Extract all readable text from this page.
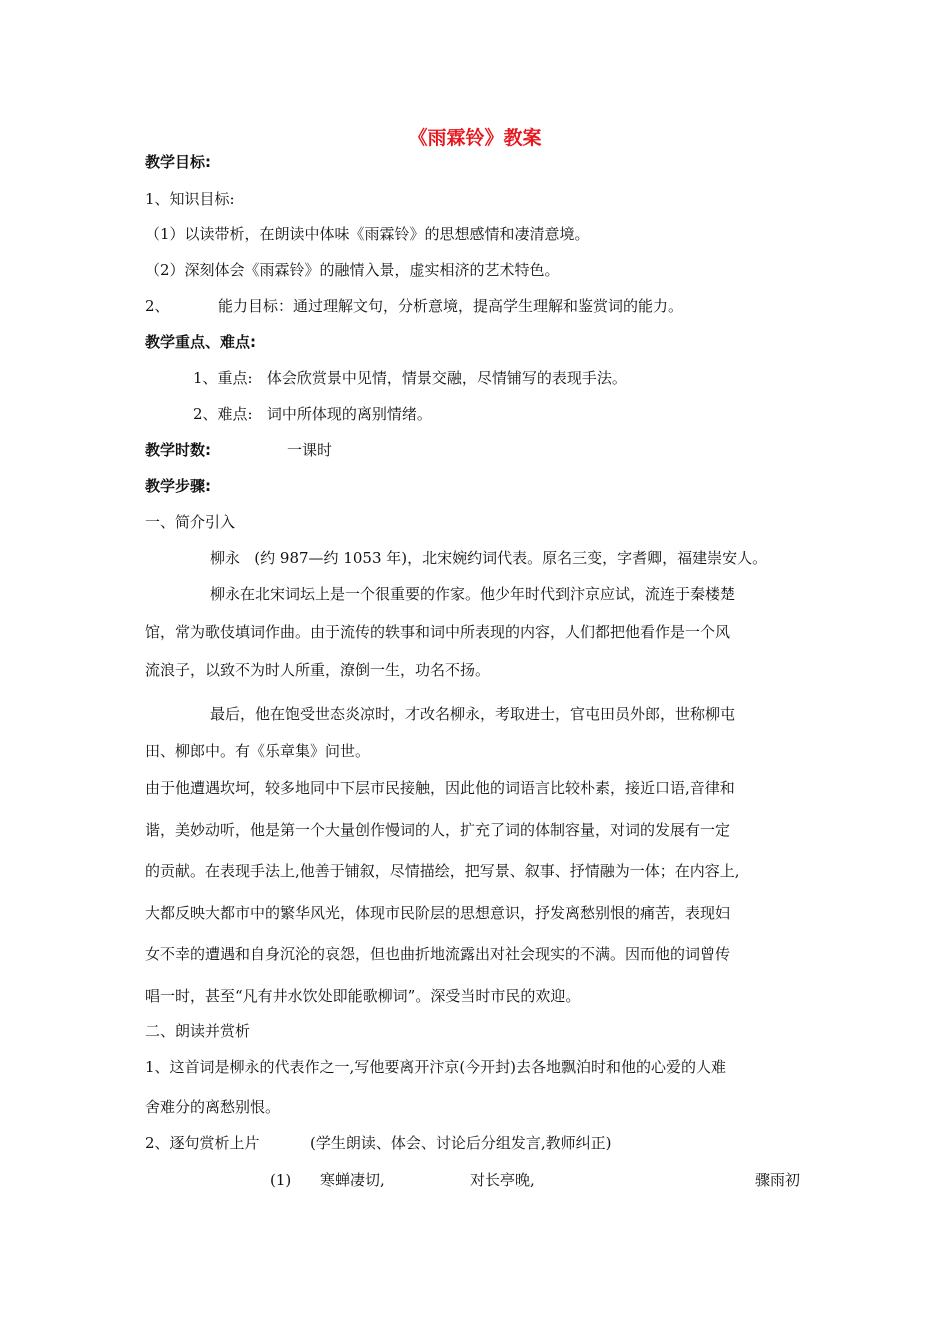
《雨霖铃》教案
教学目标:
1、知识目标:
（1）以读带析，在朗读中体味《雨霖铃》的思想感情和凄清意境。
（2）深刻体会《雨霖铃》的融情入景，虚实相济的艺术特色。
2、	能力目标：通过理解文句，分析意境，提高学生理解和鉴赏词的能力。
教学重点、难点:
1、重点:   体会欣赏景中见情，情景交融，尽情铺写的表现手法。
2、难点:   词中所体现的离别情绪。
教学时数:	一课时
教学步骤:
一、简介引入
柳永   (约 987—约 1053 年)，北宋婉约词代表。原名三变，字耆卿，福建崇安人。
柳永在北宋词坛上是一个很重要的作家。他少年时代到汴京应试，流连于秦楼楚
馆，常为歌伎填词作曲。由于流传的轶事和词中所表现的内容，人们都把他看作是一个风
流浪子，以致不为时人所重，潦倒一生，功名不扬。
最后，他在饱受世态炎凉时，才改名柳永，考取进士，官屯田员外郎，世称柳屯
田、柳郎中。有《乐章集》问世。
由于他遭遇坎坷，较多地同中下层市民接触，因此他的词语言比较朴素，接近口语,音律和
谐，美妙动听，他是第一个大量创作慢词的人，扩充了词的体制容量，对词的发展有一定
的贡献。在表现手法上,他善于铺叙，尽情描绘，把写景、叙事、抒情融为一体；在内容上,
大都反映大都市中的繁华风光，体现市民阶层的思想意识，抒发离愁别恨的痛苦，表现妇
女不幸的遭遇和自身沉沦的哀怨，但也曲折地流露出对社会现实的不满。因而他的词曾传
唱一时，甚至“凡有井水饮处即能歌柳词”。深受当时市民的欢迎。
二、朗读并赏析
1、这首词是柳永的代表作之一,写他要离开汴京(今开封)去各地飘泊时和他的心爱的人难
舍难分的离愁别恨。
2、逐句赏析上片	(学生朗读、体会、讨论后分组发言,教师纠正)
(1) 寒蝉凄切,	对长亭晚,	骤雨初
